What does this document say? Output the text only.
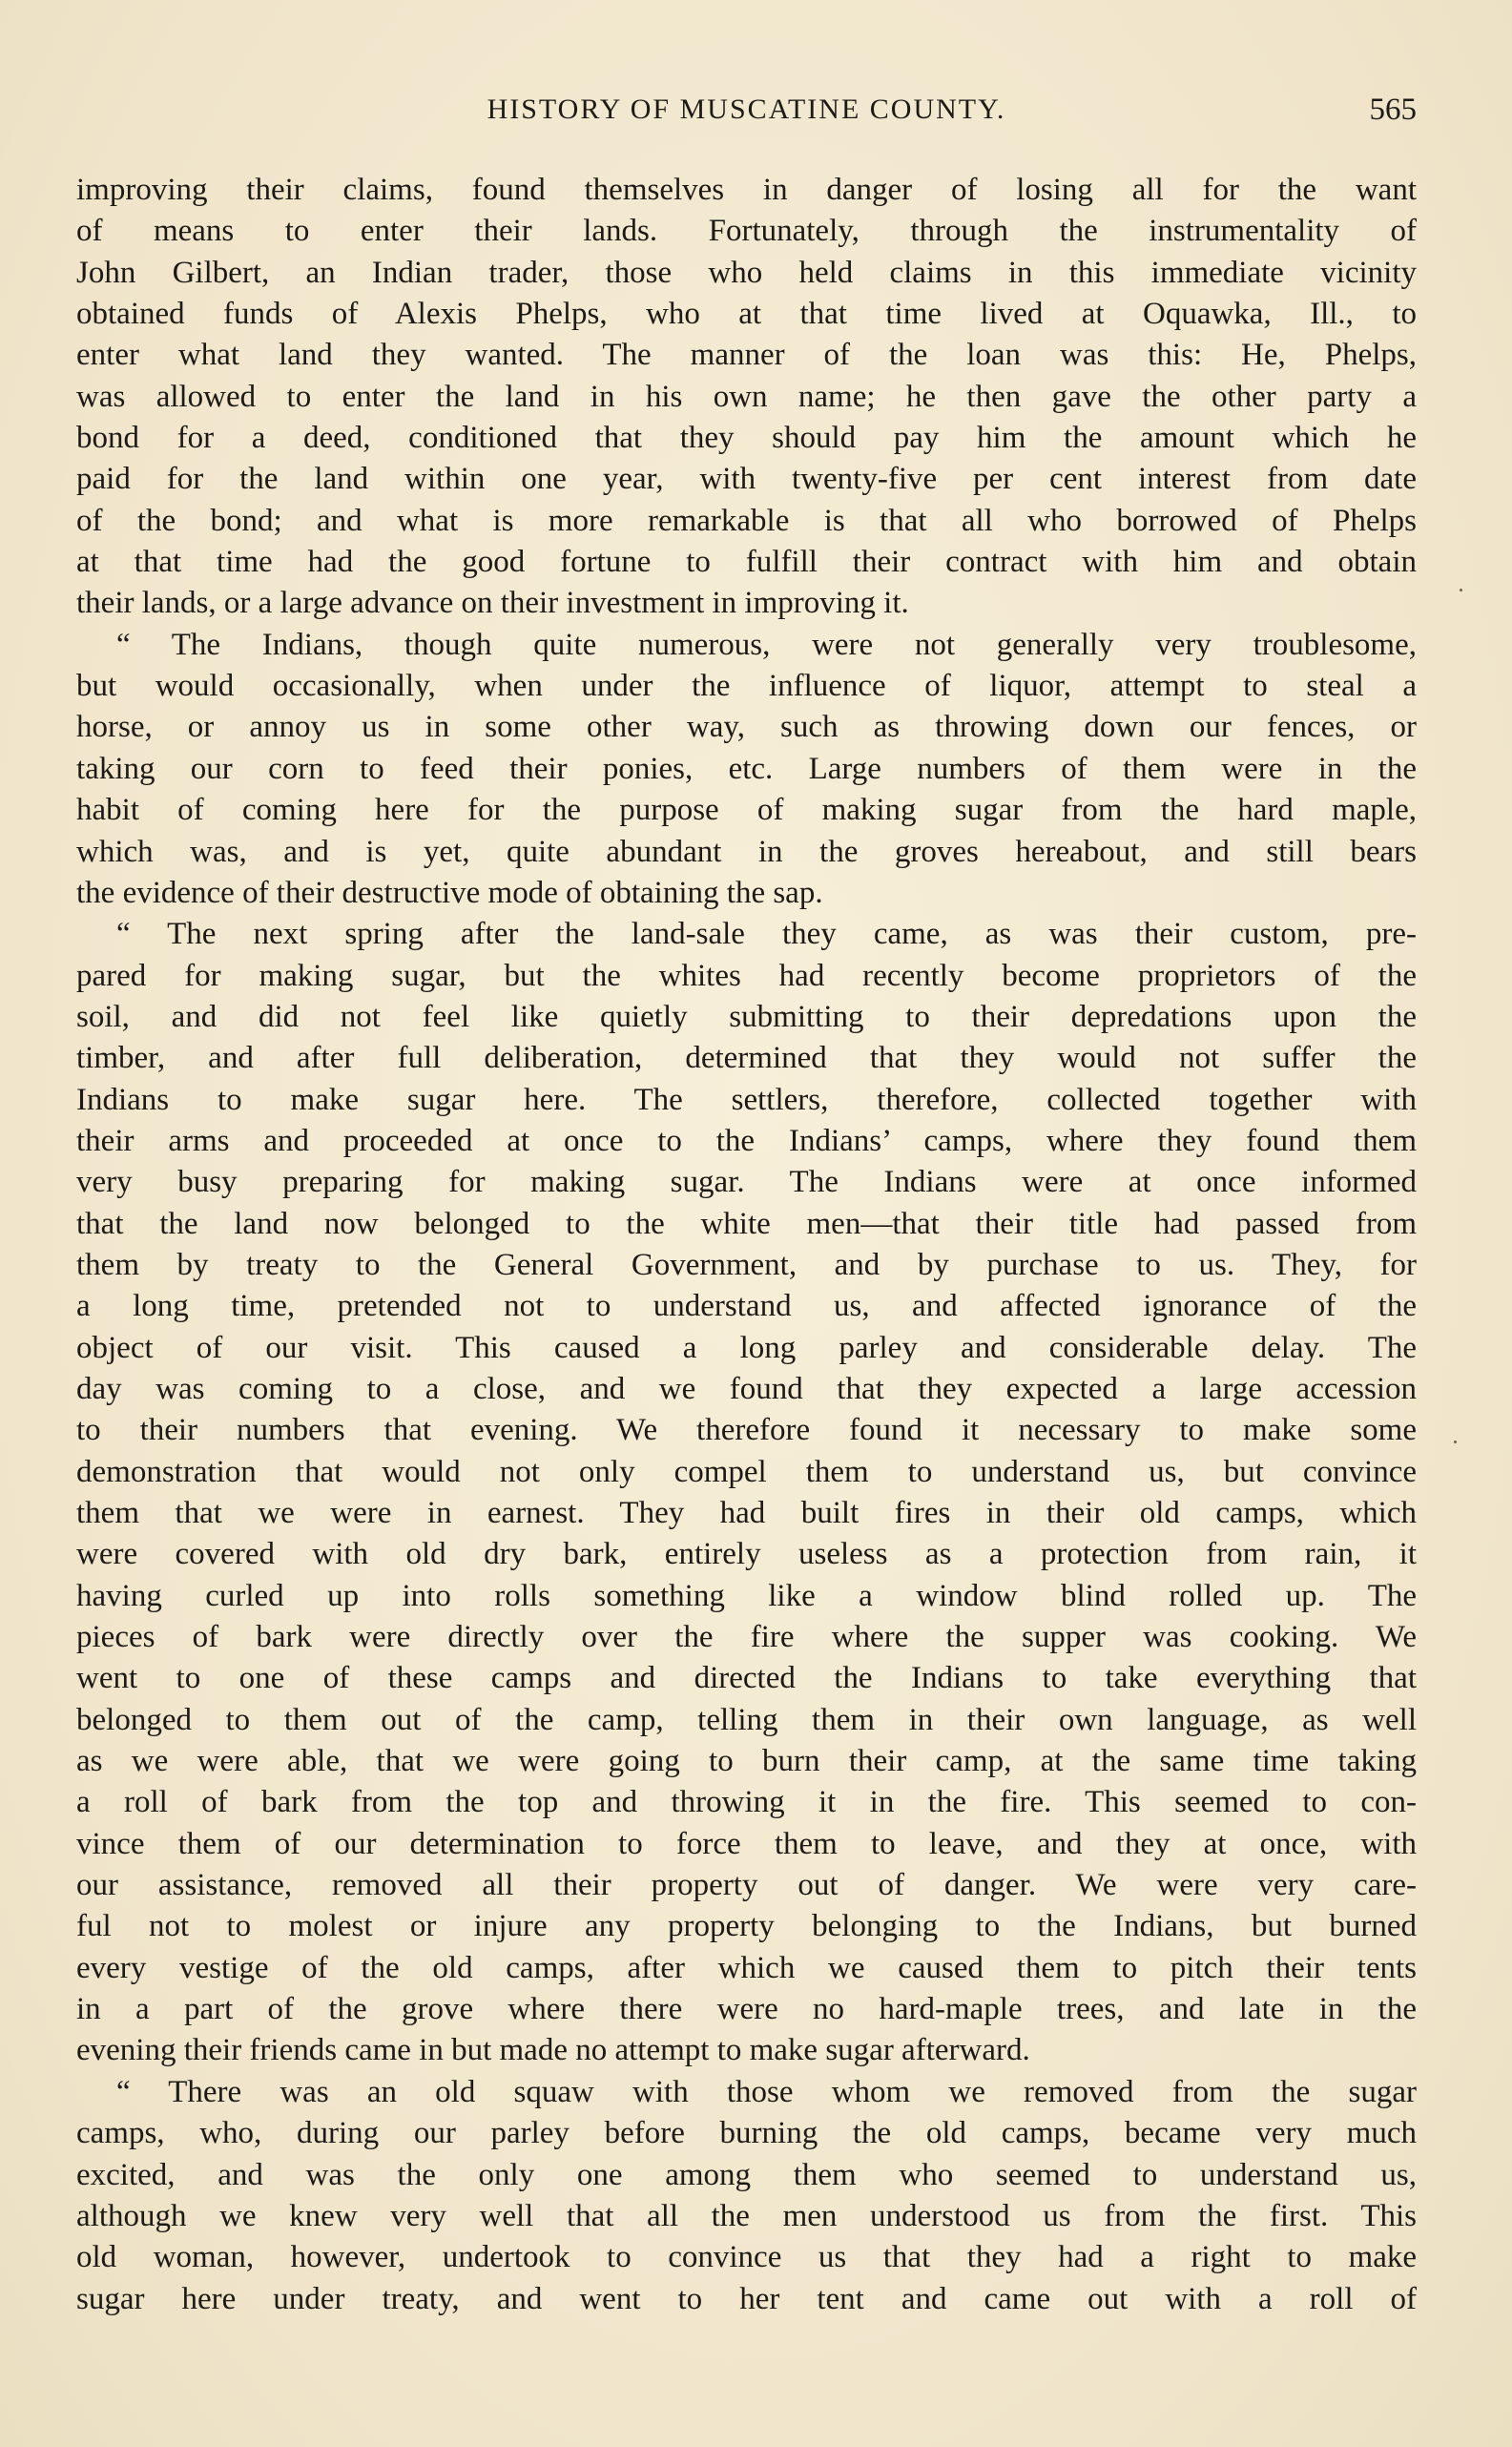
HISTORY OF MUSCATINE COUNTY.	565
improving their claims, found themselves in danger of losing all for the want
of means to enter their lands. Fortunately, through the instrumentality of
John Gilbert, an Indian trader, those who held claims in this immediate vicinity
obtained funds of Alexis Phelps, who at that time lived at Oquawka, Ill., to
enter what land they wanted. The manner of the loan was this: He, Phelps,
was allowed to enter the land in his own name; he then gave the other party a
bond for a deed, conditioned that they should pay him the amount which he
paid for the land within one year, with twenty-five per cent interest from date
of the bond; and what is more remarkable is that all who borrowed of Phelps
at that time had the good fortune to fulfill their contract with him and obtain
their lands, or a large advance on their investment in improving it.
“ The Indians, though quite numerous, were not generally very troublesome,
but would occasionally, when under the influence of liquor, attempt to steal a
horse, or annoy us in some other way, such as throwing down our fences, or
taking our corn to feed their ponies, etc. Large numbers of them were in the
habit of coming here for the purpose of making sugar from the hard maple,
which was, and is yet, quite abundant in the groves hereabout, and still bears
the evidence of their destructive mode of obtaining the sap.
“ The next spring after the land-sale they came, as was their custom, pre-
pared for making sugar, but the whites had recently become proprietors of the
soil, and did not feel like quietly submitting to their depredations upon the
timber, and after full deliberation, determined that they would not suffer the
Indians to make sugar here. The settlers, therefore, collected together with
their arms and proceeded at once to the Indians’ camps, where they found them
very busy preparing for making sugar. The Indians were at once informed
that the land now belonged to the white men—that their title had passed from
them by treaty to the General Government, and by purchase to us. They, for
a long time, pretended not to understand us, and affected ignorance of the
object of our visit. This caused a long parley and considerable delay. The
day was coming to a close, and we found that they expected a large accession
to their numbers that evening. We therefore found it necessary to make some
demonstration that would not only compel them to understand us, but convince
them that we were in earnest. They had built fires in their old camps, which
were covered with old dry bark, entirely useless as a protection from rain, it
having curled up into rolls something like a window blind rolled up. The
pieces of bark were directly over the fire where the supper was cooking. We
went to one of these camps and directed the Indians to take everything that
belonged to them out of the camp, telling them in their own language, as well
as we were able, that we were going to burn their camp, at the same time taking
a roll of bark from the top and throwing it in the fire. This seemed to con-
vince them of our determination to force them to leave, and they at once, with
our assistance, removed all their property out of danger. We were very care-
ful not to molest or injure any property belonging to the Indians, but burned
every vestige of the old camps, after which we caused them to pitch their tents
in a part of the grove where there were no hard-maple trees, and late in the
evening their friends came in but made no attempt to make sugar afterward.
“ There was an old squaw with those whom we removed from the sugar
camps, who, during our parley before burning the old camps, became very much
excited, and was the only one among them who seemed to understand us,
although we knew very well that all the men understood us from the first. This
old woman, however, undertook to convince us that they had a right to make
sugar here under treaty, and went to her tent and came out with a roll of
